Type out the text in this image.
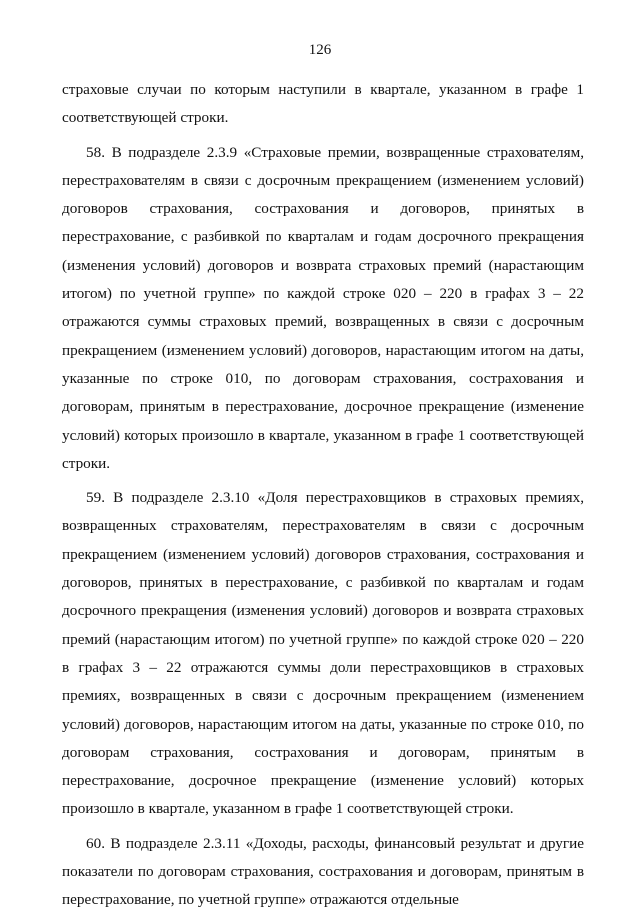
126

страховые случаи по которым наступили в квартале, указанном в графе 1 соответствующей строки.

58. В подразделе 2.3.9 «Страховые премии, возвращенные страхователям, перестрахователям в связи с досрочным прекращением (изменением условий) договоров страхования, сострахования и договоров, принятых в перестрахование, с разбивкой по кварталам и годам досрочного прекращения (изменения условий) договоров и возврата страховых премий (нарастающим итогом) по учетной группе» по каждой строке 020 – 220 в графах 3 – 22 отражаются суммы страховых премий, возвращенных в связи с досрочным прекращением (изменением условий) договоров, нарастающим итогом на даты, указанные по строке 010, по договорам страхования, сострахования и договорам, принятым в перестрахование, досрочное прекращение (изменение условий) которых произошло в квартале, указанном в графе 1 соответствующей строки.

59. В подразделе 2.3.10 «Доля перестраховщиков в страховых премиях, возвращенных страхователям, перестрахователям в связи с досрочным прекращением (изменением условий) договоров страхования, сострахования и договоров, принятых в перестрахование, с разбивкой по кварталам и годам досрочного прекращения (изменения условий) договоров и возврата страховых премий (нарастающим итогом) по учетной группе» по каждой строке 020 – 220 в графах 3 – 22 отражаются суммы доли перестраховщиков в страховых премиях, возвращенных в связи с досрочным прекращением (изменением условий) договоров, нарастающим итогом на даты, указанные по строке 010, по договорам страхования, сострахования и договорам, принятым в перестрахование, досрочное прекращение (изменение условий) которых произошло в квартале, указанном в графе 1 соответствующей строки.

60. В подразделе 2.3.11 «Доходы, расходы, финансовый результат и другие показатели по договорам страхования, сострахования и договорам, принятым в перестрахование, по учетной группе» отражаются отдельные
